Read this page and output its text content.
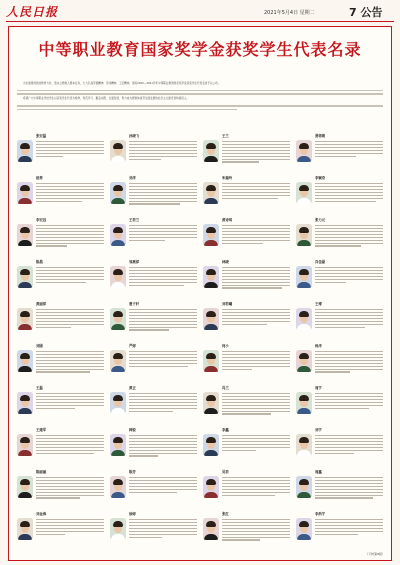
人民日报	2021年5月4日 星期二	7 公告
中等职业教育国家奖学金获奖学生代表名录

为全面贯彻党的教育方针，落实立德树人根本任务，大力弘扬劳模精神、劳动精神、工匠精神，现将2020—2021学年中等职业教育国家奖学金获奖学生代表名录予以公布。

希望广大中等职业学校学生以获奖学生代表为榜样，刻苦学习、勤奋实践、全面发展，努力成为德智体美劳全面发展的社会主义建设者和接班人。

张宏磊	孙晓飞	王兰	贾萌萌
赵梓	刘洋	朱瑞玲	李颖奇
李宏远	王若兰	黄诗琪	张力元
陈晨	邹燕萍	林晓	肖佳豪
黄丽萍	曹子轩	刘若曦	王博
刘刚	严婷	何小	杨洋
王磊	黄正	冯兰	周宇
王建军	韩锐	李鑫	刘宇
陈丽丽	陈芳	吴若	周鑫
刘金海	徐婷	张红	李浩宇
（下转第8版）
